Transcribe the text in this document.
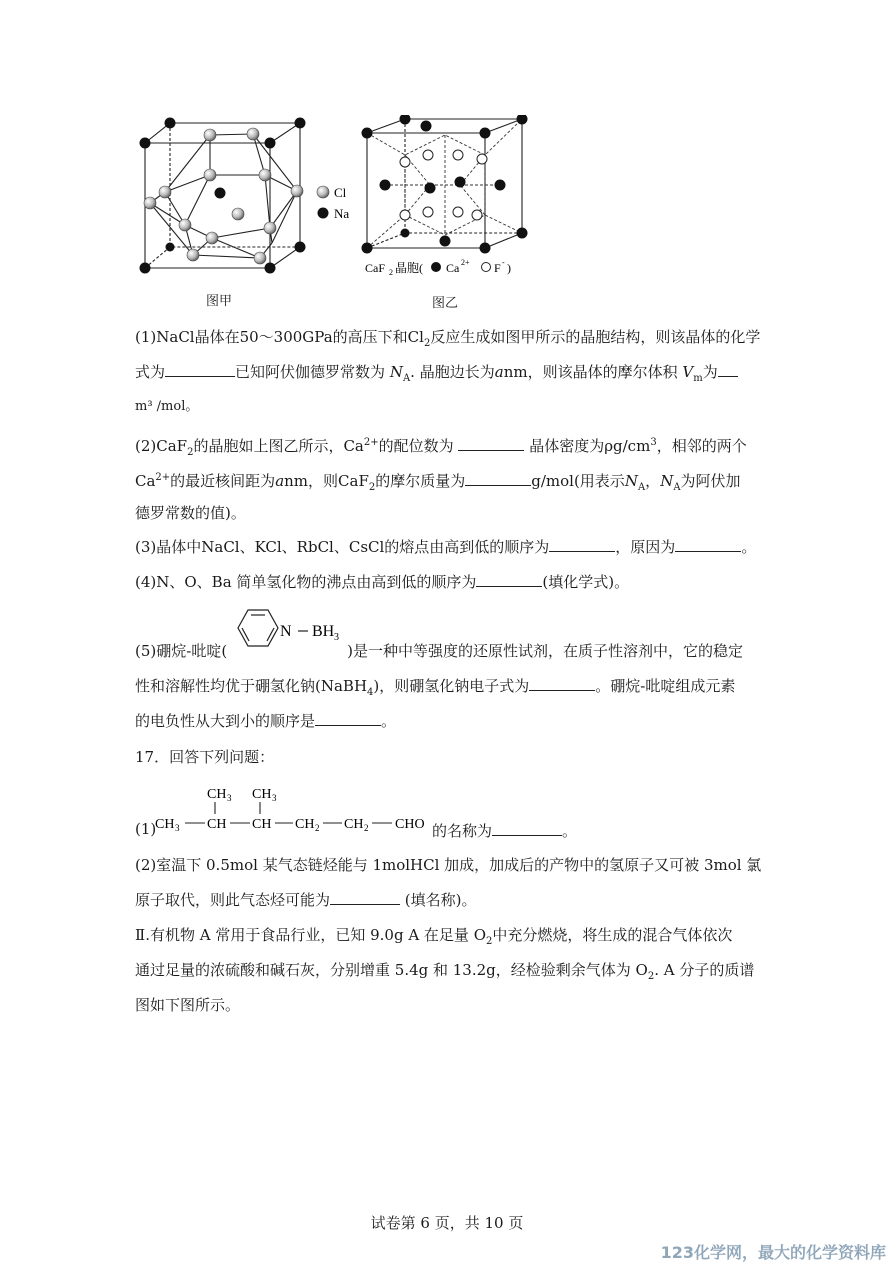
Cl
Na
图甲
CaF 2 晶胞( Ca 2+ F - )
图乙
(1)NaCl晶体在50～300GPa的高压下和$Cl_2$反应生成如图甲所示的晶胞结构，则该晶体的化学
式为	已知阿伏伽德罗常数为 $N_A$. 晶胞边长为anm，则该晶体的摩尔体积 $V_m$为
m³ /mol。
(2)CaF$_2$的晶胞如上图乙所示，$Ca^{2+}$的配位数为	晶体密度为$\rho g/cm^3$，相邻的两个
$Ca^{2+}$的最近核间距为anm，则CaF$_2$的摩尔质量为	g/mol(用表示$N_A$，$N_A$为阿伏加
德罗常数的值)。
(3)晶体中NaCl、KCl、RbCl、CsCl的熔点由高到低的顺序为	，原因为	。
(4)N、O、Ba 简单氢化物的沸点由高到低的顺序为	(填化学式)。
N BH 3
(5)硼烷-吡啶(	)是一种中等强度的还原性试剂，在质子性溶剂中，它的稳定
性和溶解性均优于硼氢化钠(NaBH$_4$)，则硼氢化钠电子式为	。硼烷-吡啶组成元素
的电负性从大到小的顺序是	。
17．回答下列问题：
(1)
CH 3 CH 3
CH 3 CH CH CH 2 CH 2 CHO 的名称为	。
(2)室温下 0.5mol 某气态链烃能与 1molHCl 加成，加成后的产物中的氢原子又可被 3mol 氯
原子取代，则此气态烃可能为	(填名称)。
Ⅱ.有机物 A 常用于食品行业，已知 9.0g A 在足量 $O_2$中充分燃烧，将生成的混合气体依次
通过足量的浓硫酸和碱石灰，分别增重 5.4g 和 13.2g，经检验剩余气体为 $O_2$. A 分子的质谱
图如下图所示。
试卷第 6 页，共 10 页
123化学网，最大的化学资料库
